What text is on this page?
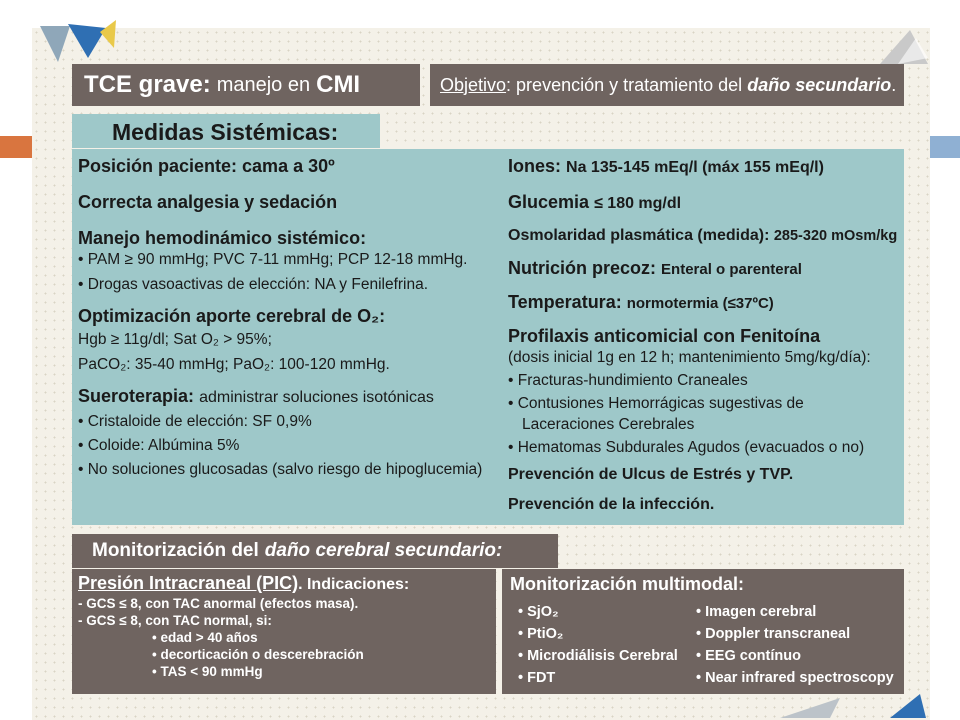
TCE grave: manejo en CMI	Objetivo : prevención y tratamiento del
daño secundario .
Medidas Sistémicas:
Posición paciente: cama a 30º
Correcta analgesia y sedación
Manejo hemodinámico sistémico:
• PAM ≥ 90 mmHg; PVC 7-11 mmHg; PCP 12-18 mmHg.
• Drogas vasoactivas de elección: NA y Fenilefrina.
Optimización aporte cerebral de O₂:
Hgb ≥ 11g/dl; Sat O₂ > 95%;
PaCO₂: 35-40 mmHg; PaO₂: 100-120 mmHg.
Sueroterapia: administrar soluciones isotónicas
• Cristaloide de elección: SF 0,9%
• Coloide: Albúmina 5%
• No soluciones glucosadas (salvo riesgo de hipoglucemia)
Iones: Na 135-145 mEq/l (máx 155 mEq/l)
Glucemia ≤ 180 mg/dl
Osmolaridad plasmática (medida): 285-320 mOsm/kg
Nutrición precoz: Enteral o parenteral
Temperatura: normotermia (≤37ºC)
Profilaxis anticomicial con Fenitoína
(dosis inicial 1g en 12 h; mantenimiento 5mg/kg/día):
• Fracturas-hundimiento Craneales
• Contusiones Hemorrágicas sugestivas de Laceraciones Cerebrales
• Hematomas Subdurales Agudos (evacuados o no)
Prevención de Ulcus de Estrés y TVP.
Prevención de la infección.
Monitorización del daño cerebral secundario:
Presión Intracraneal (PIC). Indicaciones:
- GCS ≤ 8, con TAC anormal (efectos masa).
- GCS ≤ 8, con TAC normal, si:
• edad > 40 años
• decorticación o descerebración
• TAS < 90 mmHg
Monitorización multimodal:
• SjO₂
• PtiO₂
• Microdiálisis Cerebral
• FDT
• Imagen cerebral
• Doppler transcraneal
• EEG contínuo
• Near infrared spectroscopy
